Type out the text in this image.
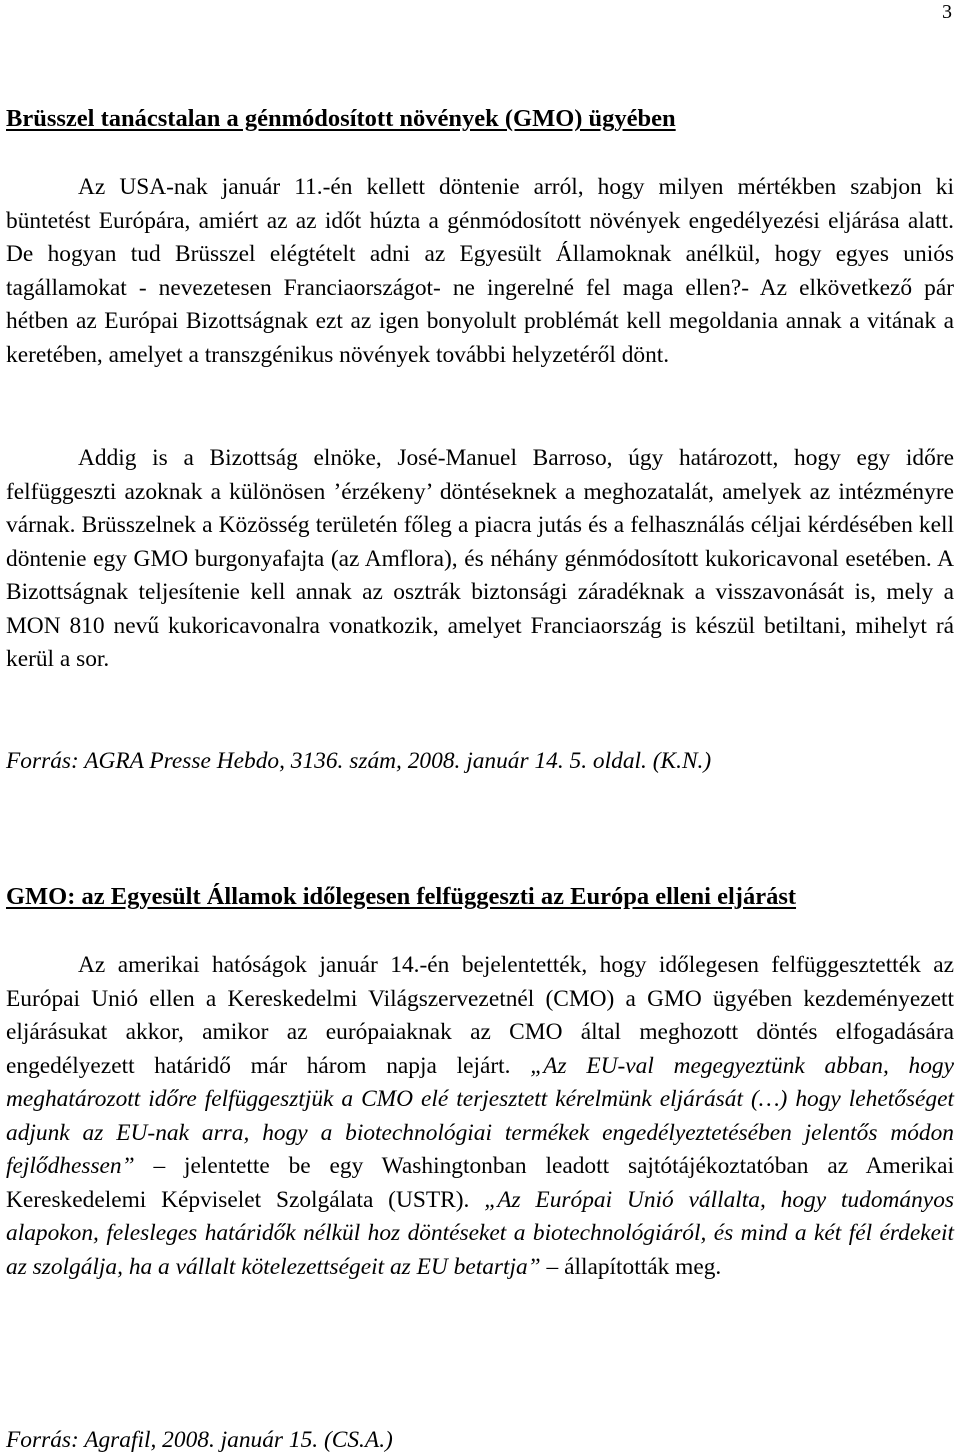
3
Brüsszel tanácstalan a génmódosított növények (GMO) ügyében

Az USA-nak január 11.-én kellett döntenie arról, hogy milyen mértékben szabjon ki büntetést Európára, amiért az az időt húzta a génmódosított növények engedélyezési eljárása alatt. De hogyan tud Brüsszel elégtételt adni az Egyesült Államoknak anélkül, hogy egyes uniós tagállamokat - nevezetesen Franciaországot- ne ingerelné fel maga ellen?- Az elkövetkező pár hétben az Európai Bizottságnak ezt az igen bonyolult problémát kell megoldania annak a vitának a keretében, amelyet a transzgénikus növények további helyzetéről dönt.

Addig is a Bizottság elnöke, José-Manuel Barroso, úgy határozott, hogy egy időre felfüggeszti azoknak a különösen ’érzékeny’ döntéseknek a meghozatalát, amelyek az intézményre várnak. Brüsszelnek a Közösség területén főleg a piacra jutás és a felhasználás céljai kérdésében kell döntenie egy GMO burgonyafajta (az Amflora), és néhány génmódosított kukoricavonal esetében. A Bizottságnak teljesítenie kell annak az osztrák biztonsági záradéknak a visszavonását is, mely a MON 810 nevű kukoricavonalra vonatkozik, amelyet Franciaország is készül betiltani, mihelyt rá kerül a sor.

Forrás: AGRA Presse Hebdo, 3136. szám, 2008. január 14. 5. oldal. (K.N.)

GMO: az Egyesült Államok időlegesen felfüggeszti az Európa elleni eljárást

Az amerikai hatóságok január 14.-én bejelentették, hogy időlegesen felfüggesztették az Európai Unió ellen a Kereskedelmi Világszervezetnél (CMO) a GMO ügyében kezdeményezett eljárásukat akkor, amikor az európaiaknak az CMO által meghozott döntés elfogadására engedélyezett határidő már három napja lejárt. „Az EU-val megegyeztünk abban, hogy meghatározott időre felfüggesztjük a CMO elé terjesztett kérelmünk eljárását (…) hogy lehetőséget adjunk az EU-nak arra, hogy a biotechnológiai termékek engedélyeztetésében jelentős módon fejlődhessen” – jelentette be egy Washingtonban leadott sajtótájékoztatóban az Amerikai Kereskedelemi Képviselet Szolgálata (USTR). „Az Európai Unió vállalta, hogy tudományos alapokon, felesleges határidők nélkül hoz döntéseket a biotechnológiáról, és mind a két fél érdekeit az szolgálja, ha a vállalt kötelezettségeit az EU betartja” – állapították meg.

Forrás: Agrafil, 2008. január 15. (CS.A.)
